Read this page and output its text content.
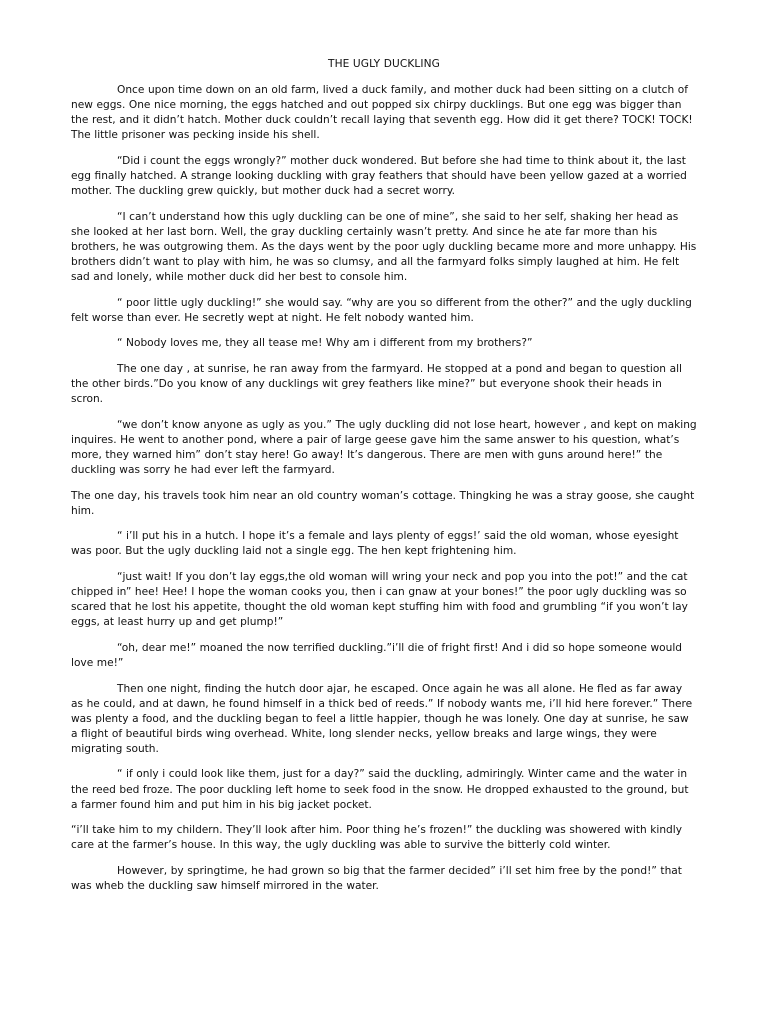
THE UGLY DUCKLING

Once upon time down on an old farm, lived a duck family, and mother duck had been sitting on a clutch of new eggs. One nice morning, the eggs hatched and out popped six chirpy ducklings. But one egg was bigger than the rest, and it didn’t hatch. Mother duck couldn’t recall laying that seventh egg. How did it get there? TOCK! TOCK! The little prisoner was pecking inside his shell.

“Did i count the eggs wrongly?” mother duck wondered. But before she had time to think about it, the last egg finally hatched. A strange looking duckling with gray feathers that should have been yellow gazed at a worried mother. The duckling grew quickly, but mother duck had a secret worry.

“I can’t understand how this ugly duckling can be one of mine”, she said to her self, shaking her head as she looked at her last born. Well, the gray duckling certainly wasn’t pretty. And since he ate far more than his brothers, he was outgrowing them. As the days went by the poor ugly duckling became more and more unhappy. His brothers didn’t want to play with him, he was so clumsy, and all the farmyard folks simply laughed at him. He felt sad and lonely, while mother duck did her best to console him.

“ poor little ugly duckling!” she would say. “why are you so different from the other?” and the ugly duckling felt worse than ever. He secretly wept at night. He felt nobody wanted him.

“ Nobody loves me, they all tease me! Why am i different from my brothers?”

The one day , at sunrise, he ran away from the farmyard. He stopped at a pond and began to question all the other birds.”Do you know of any ducklings wit grey feathers like mine?” but everyone shook their heads in scron.

“we don’t know anyone as ugly as you.” The ugly duckling did not lose heart, however , and kept on making inquires. He went to another pond, where a pair of large geese gave him the same answer to his question, what’s more, they warned him” don’t stay here! Go away! It’s dangerous. There are men with guns around here!” the duckling was sorry he had ever left the farmyard.

The one day, his travels took him near an old country woman’s cottage. Thingking he was a stray goose, she caught him.

“ i’ll put his in a hutch. I hope it’s a female and lays plenty of eggs!’ said the old woman, whose eyesight was poor. But the ugly duckling laid not a single egg. The hen kept frightening him.

“just wait! If you don’t lay eggs,the old woman will wring your neck and pop you into the pot!” and the cat chipped in” hee! Hee! I hope the woman cooks you, then i can gnaw at your bones!” the poor ugly duckling was so scared that he lost his appetite, thought the old woman kept stuffing him with food and grumbling “if you won’t lay eggs, at least hurry up and get plump!”

“oh, dear me!” moaned the now terrified duckling.”i’ll die of fright first! And i did so hope someone would love me!”

Then one night, finding the hutch door ajar, he escaped. Once again he was all alone. He fled as far away as he could, and at dawn, he found himself in a thick bed of reeds.” If nobody wants me, i’ll hid here forever.” There was plenty a food, and the duckling began to feel a little happier, though he was lonely. One day at sunrise, he saw a flight of beautiful birds wing overhead. White, long slender necks, yellow breaks and large wings, they were migrating south.

“ if only i could look like them, just for a day?” said the duckling, admiringly. Winter came and the water in the reed bed froze. The poor duckling left home to seek food in the snow. He dropped exhausted to the ground, but a farmer found him and put him in his big jacket pocket.

“i’ll take him to my childern. They’ll look after him. Poor thing he’s frozen!” the duckling was showered with kindly care at the farmer’s house. In this way, the ugly duckling was able to survive the bitterly cold winter.

However, by springtime, he had grown so big that the farmer decided” i’ll set him free by the pond!” that was wheb the duckling saw himself mirrored in the water.
